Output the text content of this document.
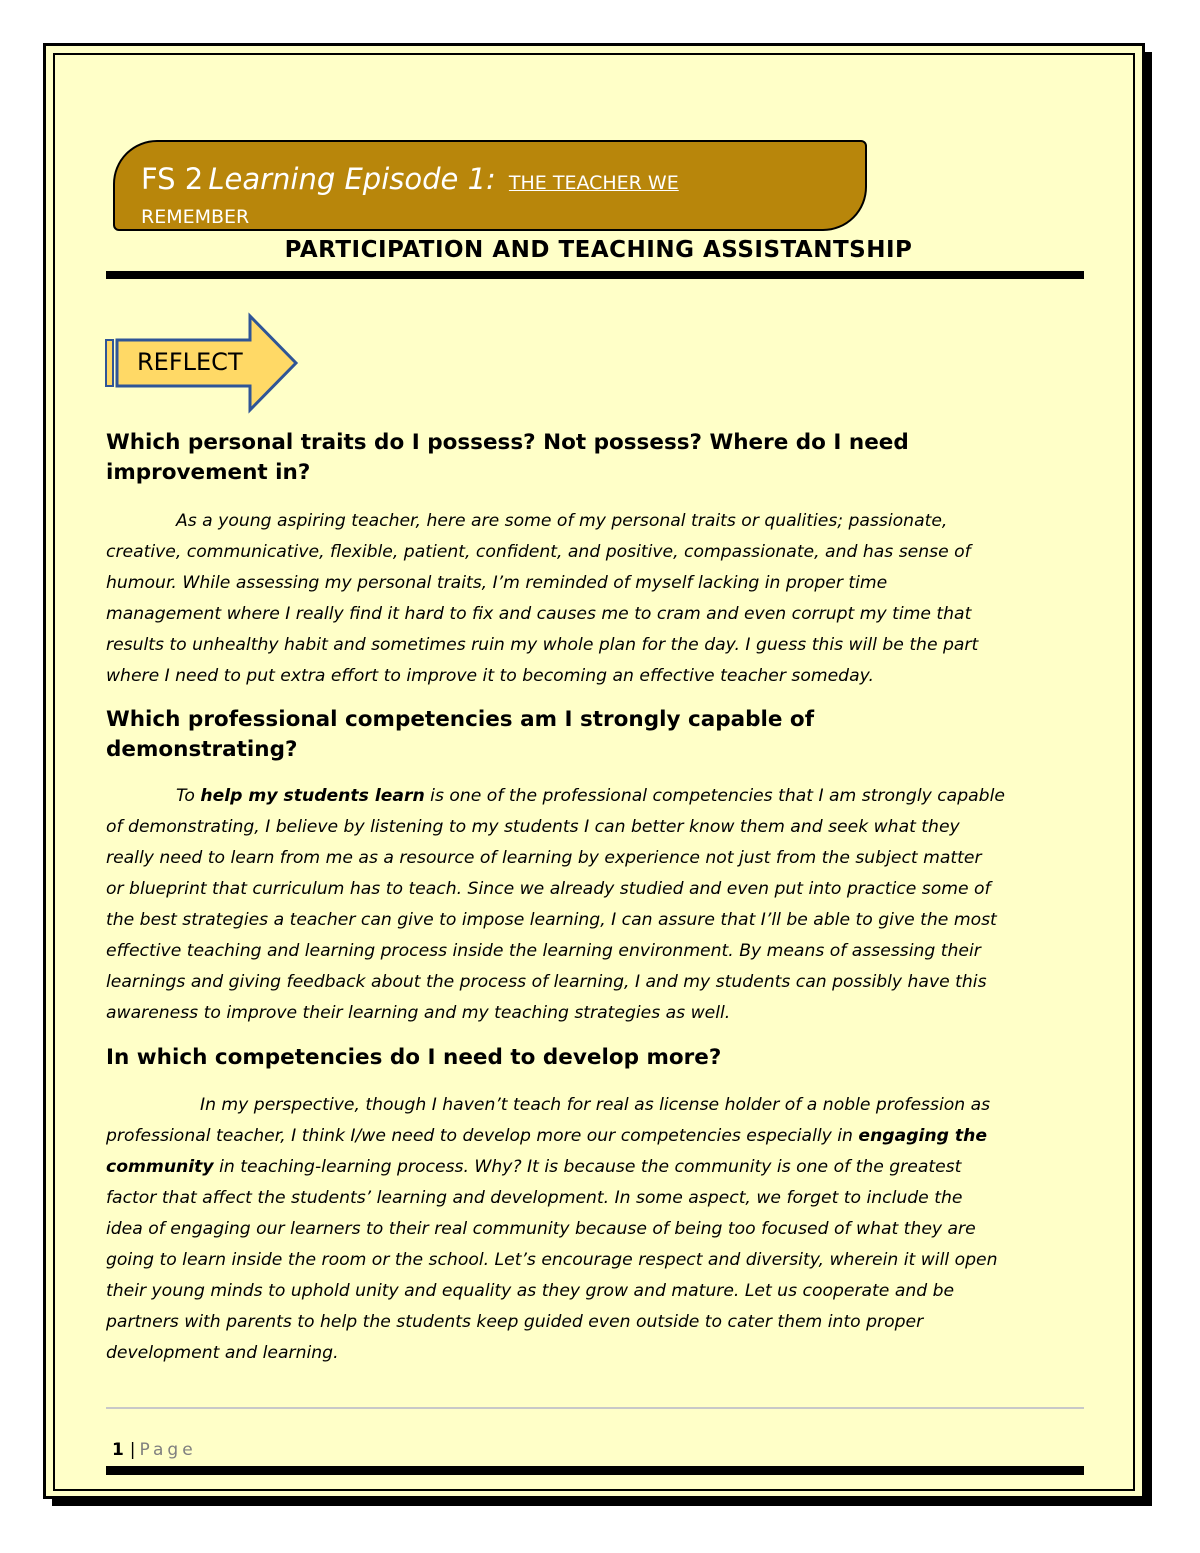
FS 2 Learning Episode 1: THE TEACHER WE
REMEMBER
PARTICIPATION AND TEACHING ASSISTANTSHIP
REFLECT
Which personal traits do I possess? Not possess? Where do I need
improvement in?
As a young aspiring teacher, here are some of my personal traits or qualities; passionate,
creative, communicative, flexible, patient, confident, and positive, compassionate, and has sense of
humour. While assessing my personal traits, I’m reminded of myself lacking in proper time
management where I really find it hard to fix and causes me to cram and even corrupt my time that
results to unhealthy habit and sometimes ruin my whole plan for the day. I guess this will be the part
where I need to put extra effort to improve it to becoming an effective teacher someday.
Which professional competencies am I strongly capable of
demonstrating?
To help my students learn is one of the professional competencies that I am strongly capable
of demonstrating, I believe by listening to my students I can better know them and seek what they
really need to learn from me as a resource of learning by experience not just from the subject matter
or blueprint that curriculum has to teach. Since we already studied and even put into practice some of
the best strategies a teacher can give to impose learning, I can assure that I’ll be able to give the most
effective teaching and learning process inside the learning environment. By means of assessing their
learnings and giving feedback about the process of learning, I and my students can possibly have this
awareness to improve their learning and my teaching strategies as well.
In which competencies do I need to develop more?
In my perspective, though I haven’t teach for real as license holder of a noble profession as
professional teacher, I think I/we need to develop more our competencies especially in engaging the
community in teaching-learning process. Why? It is because the community is one of the greatest
factor that affect the students’ learning and development. In some aspect, we forget to include the
idea of engaging our learners to their real community because of being too focused of what they are
going to learn inside the room or the school. Let’s encourage respect and diversity, wherein it will open
their young minds to uphold unity and equality as they grow and mature. Let us cooperate and be
partners with parents to help the students keep guided even outside to cater them into proper
development and learning.
1 | Page
